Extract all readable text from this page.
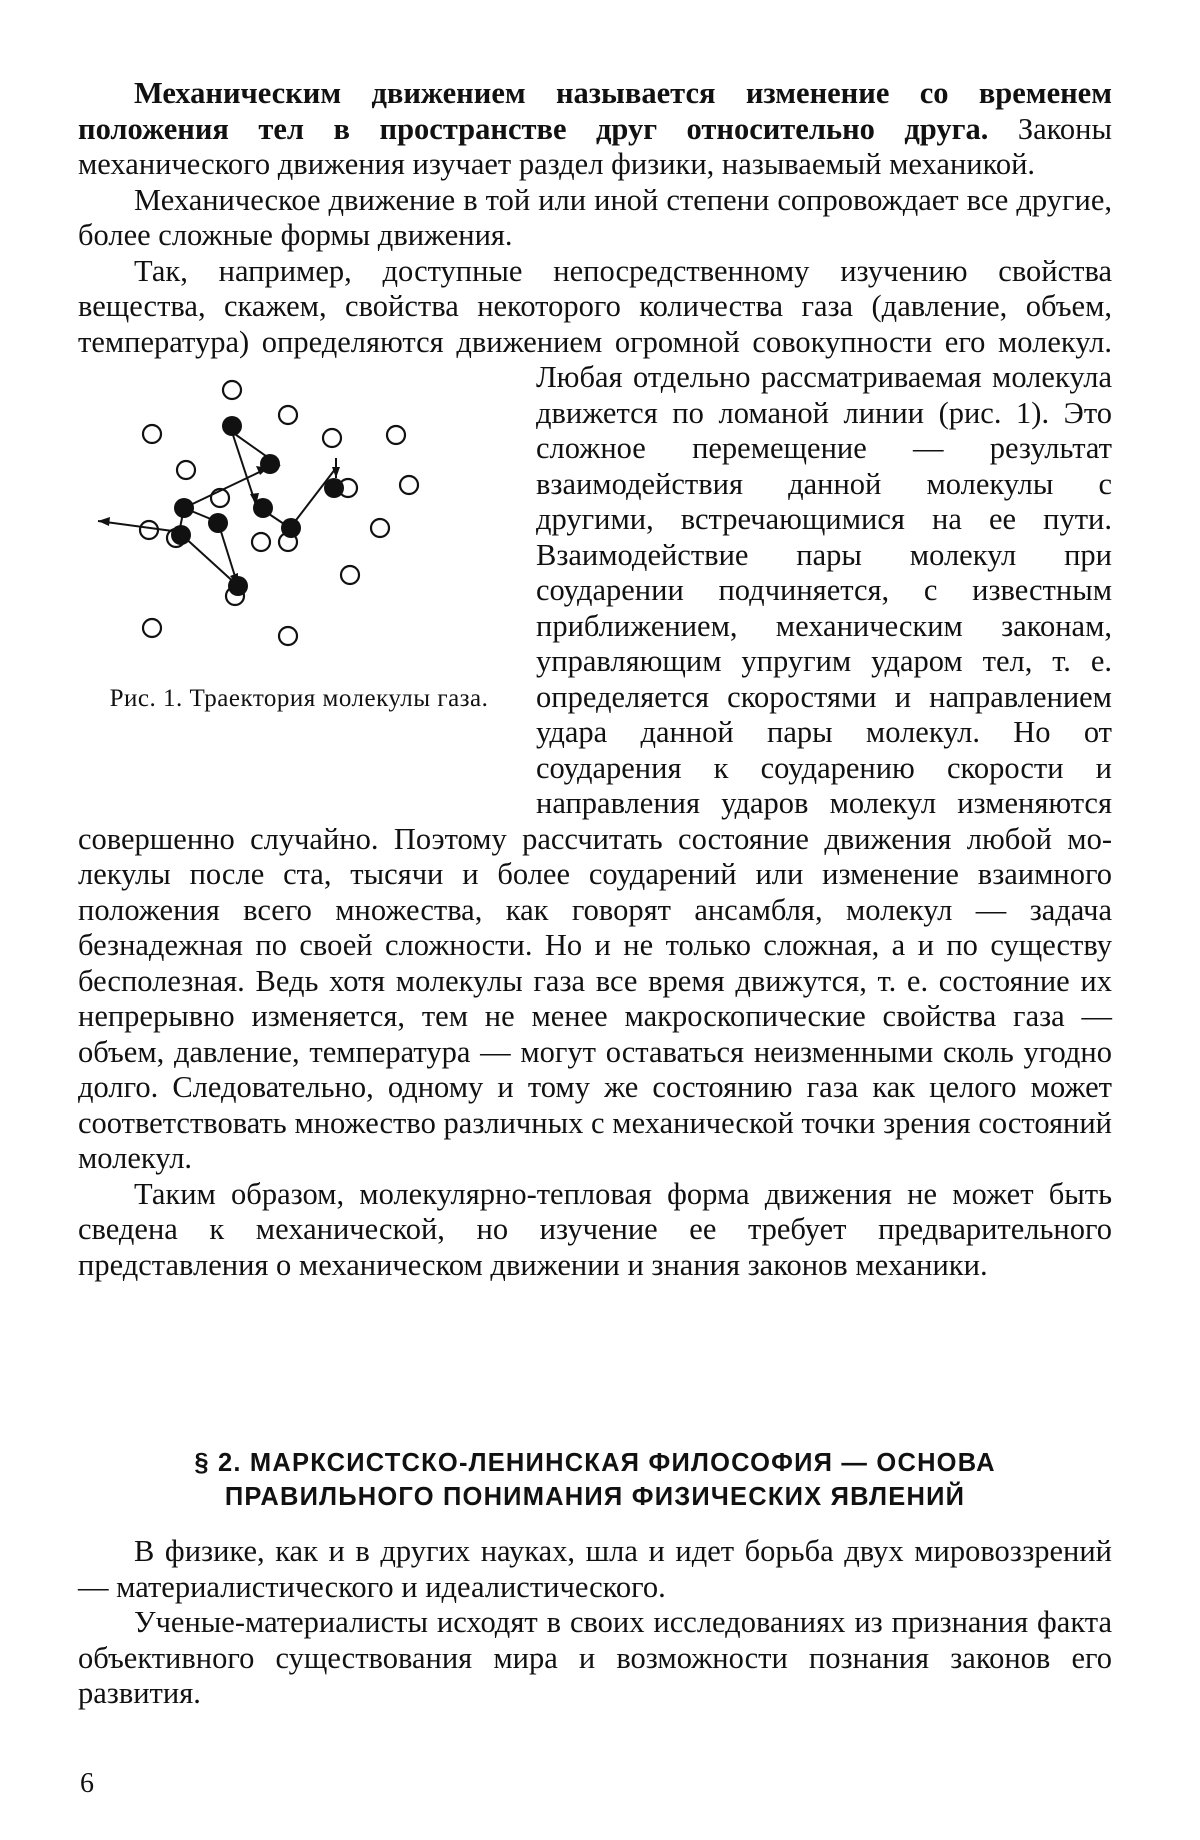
Механическим движением называется изменение со временем положения тел в пространстве друг относительно друга. Законы механического движения изучает раздел физики, называемый механикой.

Механическое движение в той или иной степени сопровождает все другие, более сложные формы движения.

Так, например, доступные непосредственному изучению свойства вещества, скажем, свойства некоторого количества газа (давление, объем, температура) определяются движением огромной со
Рис. 1. Траектория молекулы газа.
вокупности его молекул. Любая отдельно рассматриваемая молекула движется по ломаной линии (рис. 1). Это сложное перемещение — результат взаимодействия данной молекулы с другими, встречающимися на ее пути. Взаимодействие пары молекул при соударении подчиняется, с известным приближением, механическим законам, управляющим упругим ударом тел, т. е. определяется скоростями и направлением удара данной пары молекул. Но от соударения к соударению скорости и направления ударов молекул изменяются совершенно случайно. Поэтому рассчитать состояние движения любой молекулы после ста, тысячи и более соударений или изменение взаимного положения всего множества, как говорят ансамбля, молекул — задача безнадежная по своей сложности. Но и не только сложная, а и по существу бесполезная. Ведь хотя молекулы газа все время движутся, т. е. состояние их непрерывно изменяется, тем не менее макроскопические свойства газа — объем, давление, температура — могут оставаться неизменными сколь угодно долго. Следовательно, одному и тому же состоянию газа как целого может соответствовать множество различных с механической точки зрения состояний молекул.

Таким образом, молекулярно-тепловая форма движения не может быть сведена к механической, но изучение ее требует предварительного представления о механическом движении и знания законов механики.

§ 2. МАРКСИСТСКО-ЛЕНИНСКАЯ ФИЛОСОФИЯ — ОСНОВА
ПРАВИЛЬНОГО ПОНИМАНИЯ ФИЗИЧЕСКИХ ЯВЛЕНИЙ

В физике, как и в других науках, шла и идет борьба двух мировоззрений — материалистического и идеалистического.

Ученые-материалисты исходят в своих исследованиях из признания факта объективного существования мира и возможности познания законов его развития.

6
